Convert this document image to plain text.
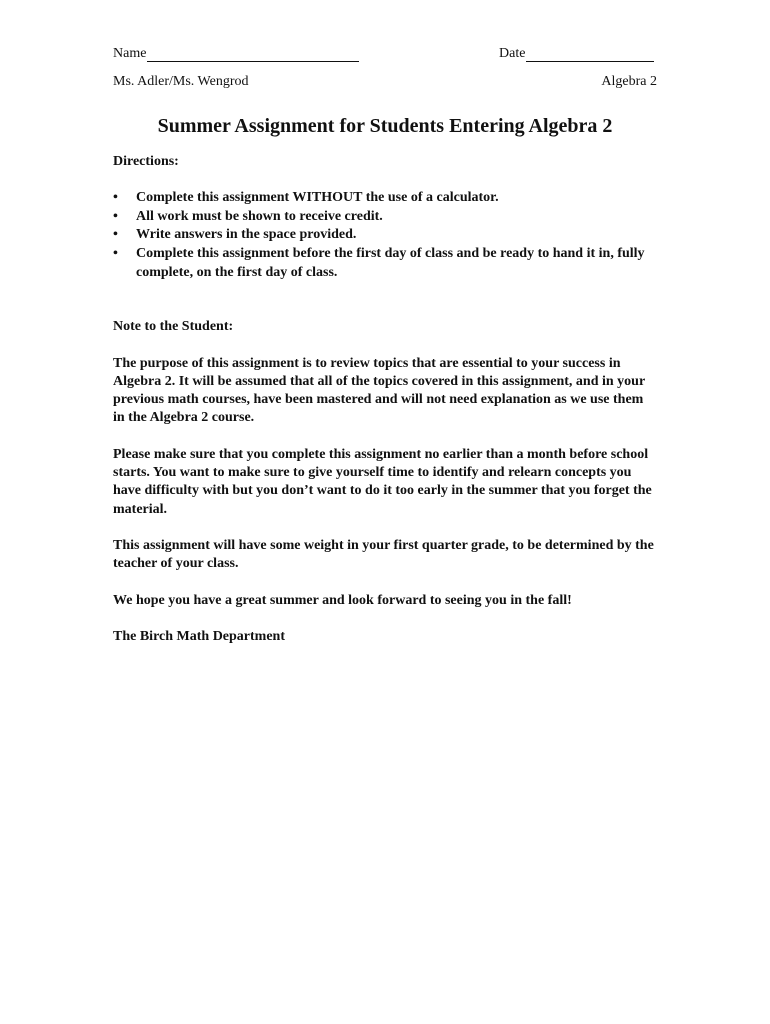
Name	Date
Ms. Adler/Ms. Wengrod	Algebra 2
Summer Assignment for Students Entering Algebra 2
Directions:
• Complete this assignment WITHOUT the use of a calculator.
• All work must be shown to receive credit.
• Write answers in the space provided.
• Complete this assignment before the first day of class and be ready to hand it in, fully complete, on the first day of class.
Note to the Student:

The purpose of this assignment is to review topics that are essential to your success in Algebra 2. It will be assumed that all of the topics covered in this assignment, and in your previous math courses, have been mastered and will not need explanation as we use them in the Algebra 2 course.

Please make sure that you complete this assignment no earlier than a month before school starts. You want to make sure to give yourself time to identify and relearn concepts you have difficulty with but you don’t want to do it too early in the summer that you forget the material.

This assignment will have some weight in your first quarter grade, to be determined by the teacher of your class.

We hope you have a great summer and look forward to seeing you in the fall!

The Birch Math Department
